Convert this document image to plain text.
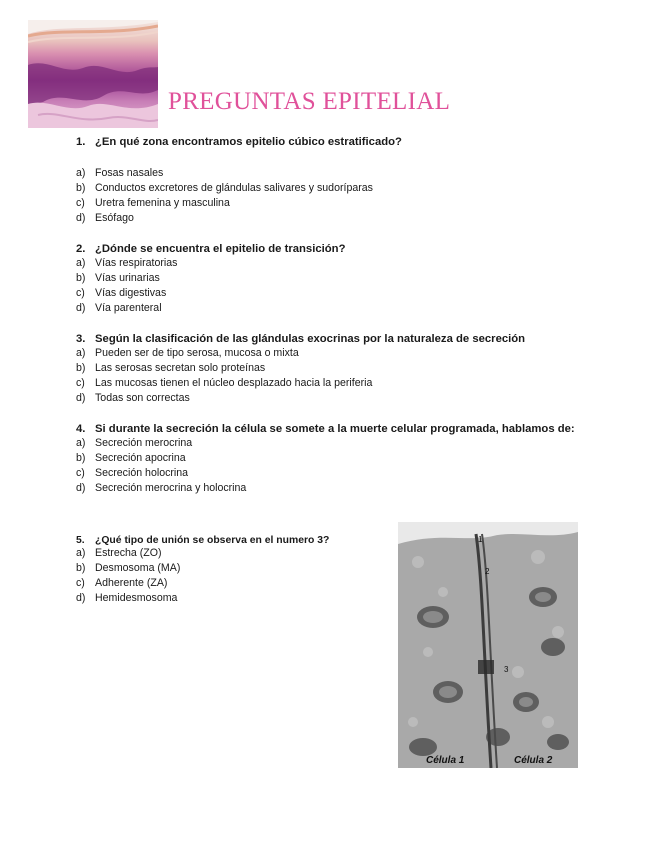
PREGUNTAS EPITELIAL
1. ¿En qué zona encontramos epitelio cúbico estratificado?
a) Fosas nasales
b) Conductos excretores de glándulas salivares y sudoríparas
c) Uretra femenina y masculina
d) Esófago
2. ¿Dónde se encuentra el epitelio de transición?
a) Vías respiratorias
b) Vías urinarias
c) Vías digestivas
d) Vía parenteral
3. Según la clasificación de las glándulas exocrinas por la naturaleza de secreción
a) Pueden ser de tipo serosa, mucosa o mixta
b) Las serosas secretan solo proteínas
c) Las mucosas tienen el núcleo desplazado hacia la periferia
d) Todas son correctas
4. Si durante la secreción la célula se somete a la muerte celular programada, hablamos de:
a) Secreción merocrina
b) Secreción apocrina
c) Secreción holocrina
d) Secreción merocrina y holocrina
5. ¿Qué tipo de unión se observa en el numero 3?
a) Estrecha (ZO)
b) Desmosoma (MA)
c) Adherente (ZA)
d) Hemidesmosoma
1
2
3
Célula 1	Célula 2
